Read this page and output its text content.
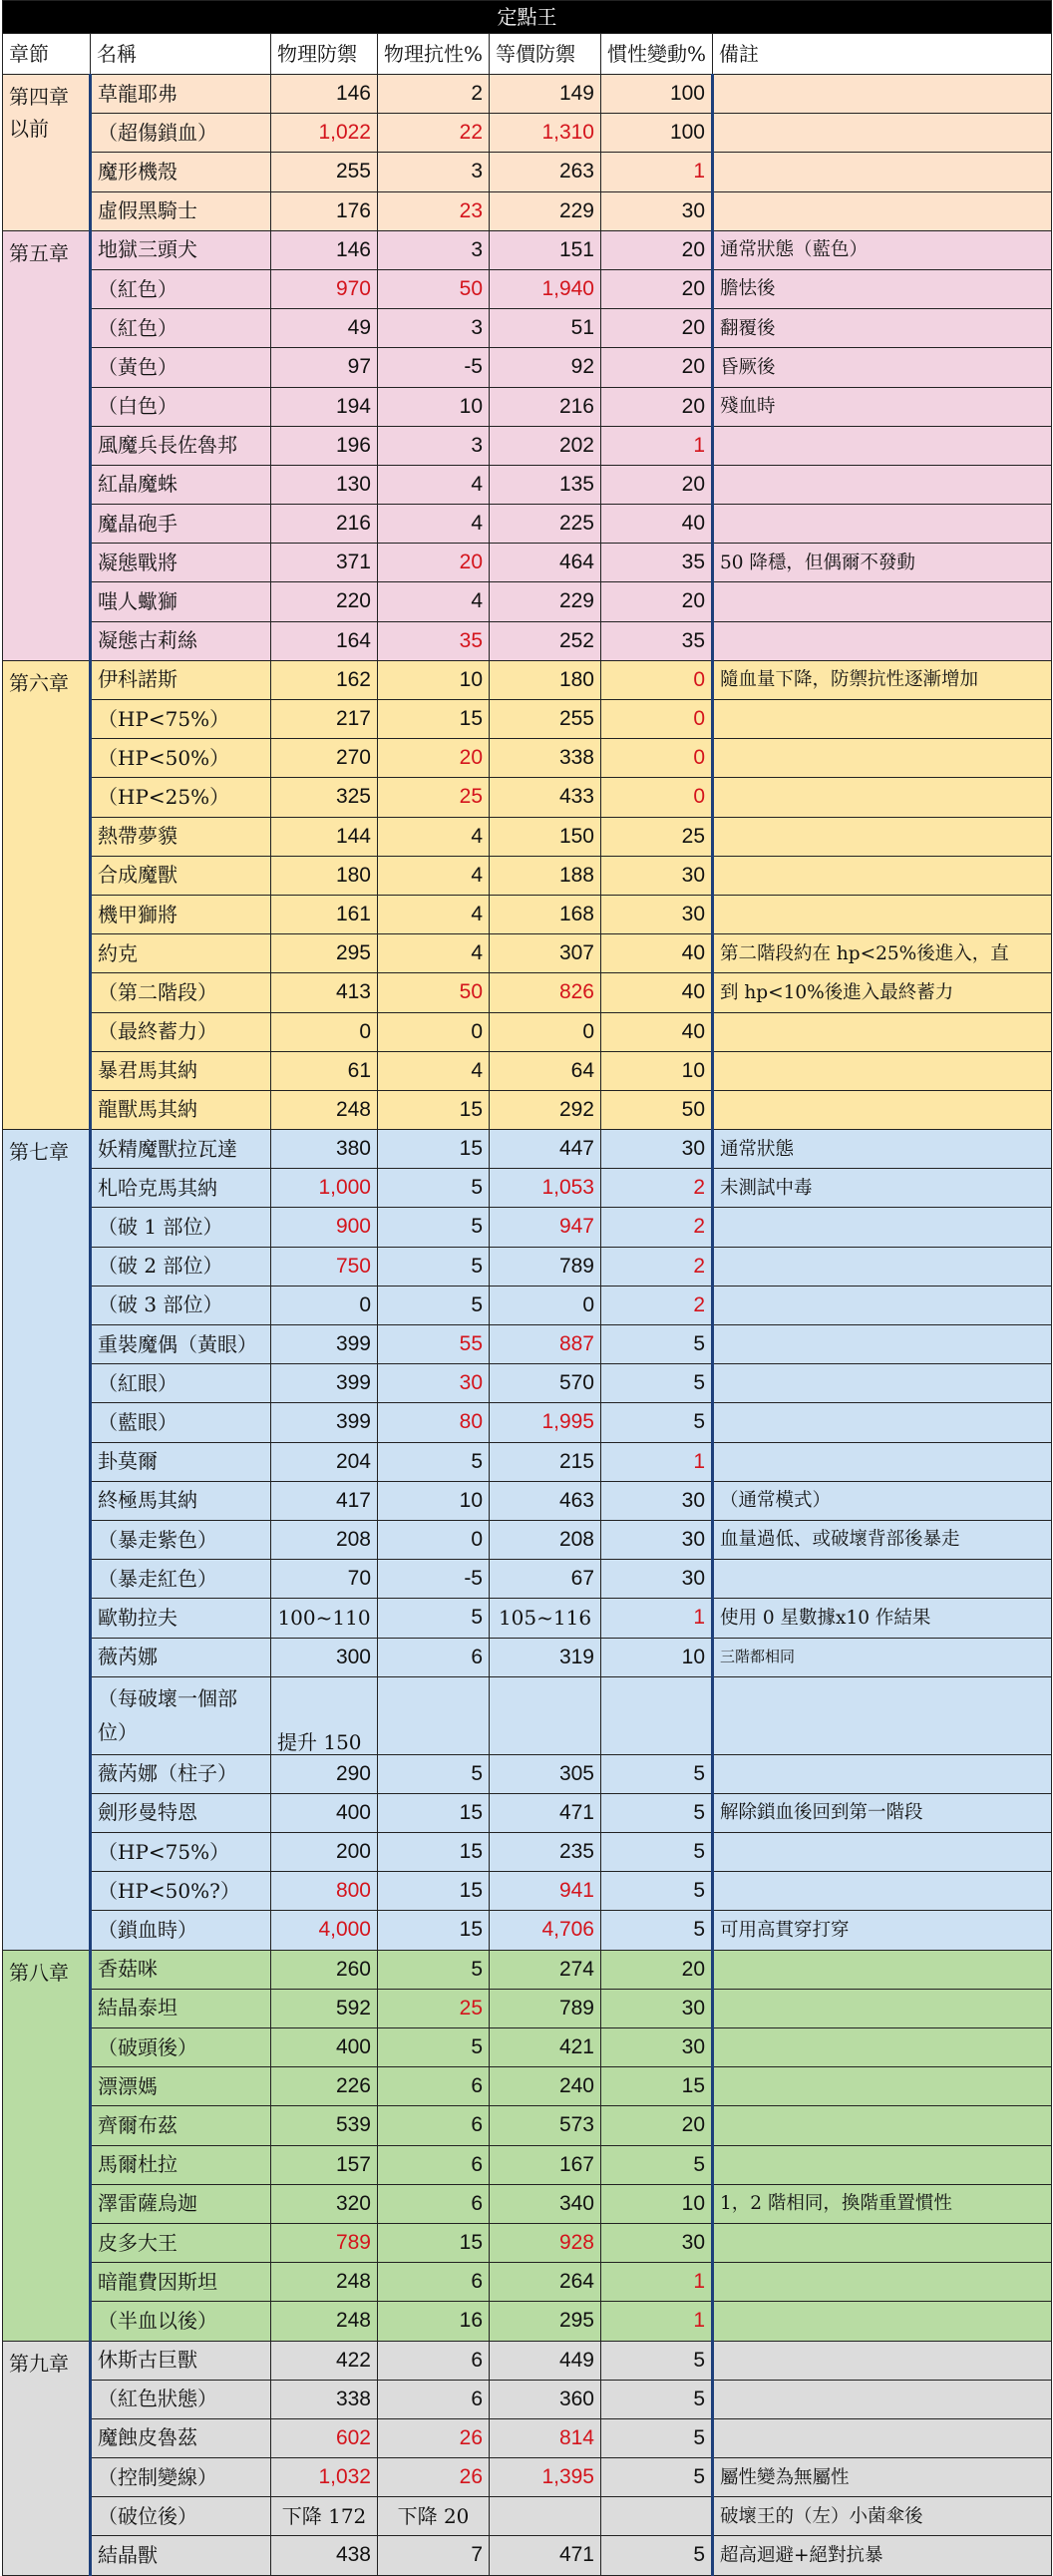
定點王						
章節	名稱	物理防禦	物理抗性%	等價防禦	慣性變動%	備註
第四章
以前	草龍耶弗	146	2	149	100	
	（超傷鎖血）	1,022	22	1,310	100	
	魔形機殼	255	3	263	1	
	虛假黑騎士	176	23	229	30	
第五章	地獄三頭犬	146	3	151	20	通常狀態（藍色）
	（紅色）	970	50	1,940	20	膽怯後
	（紅色）	49	3	51	20	翻覆後
	（黃色）	97	-5	92	20	昏厥後
	（白色）	194	10	216	20	殘血時
	風魔兵長佐魯邦	196	3	202	1	
	紅晶魔蛛	130	4	135	20	
	魔晶砲手	216	4	225	40	
	凝態戰將	371	20	464	35	50 降穩，但偶爾不發動
	嗤人蠍獅	220	4	229	20	
	凝態古莉絲	164	35	252	35	
第六章	伊科諾斯	162	10	180	0	隨血量下降，防禦抗性逐漸增加
	（HP<75%）	217	15	255	0	
	（HP<50%）	270	20	338	0	
	（HP<25%）	325	25	433	0	
	熱帶夢貘	144	4	150	25	
	合成魔獸	180	4	188	30	
	機甲獅將	161	4	168	30	
	約克	295	4	307	40	第二階段約在 hp<25%後進入，直
	（第二階段）	413	50	826	40	到 hp<10%後進入最終蓄力
	（最終蓄力）	0	0	0	40	
	暴君馬其納	61	4	64	10	
	龍獸馬其納	248	15	292	50	
第七章	妖精魔獸拉瓦達	380	15	447	30	通常狀態
	札哈克馬其納	1,000	5	1,053	2	未測試中毒
	（破 1 部位）	900	5	947	2	
	（破 2 部位）	750	5	789	2	
	（破 3 部位）	0	5	0	2	
	重裝魔偶（黃眼）	399	55	887	5	
	（紅眼）	399	30	570	5	
	（藍眼）	399	80	1,995	5	
	卦莫爾	204	5	215	1	
	終極馬其納	417	10	463	30	（通常模式）
	（暴走紫色）	208	0	208	30	血量過低、或破壞背部後暴走
	（暴走紅色）	70	-5	67	30	
	歐勒拉夫	100~110	5	105~116	1	使用 0 星數據x10 作結果
	薇芮娜	300	6	319	10	三階都相同
	（每破壞一個部位）	提升 150				
	薇芮娜（柱子）	290	5	305	5	
	劍形曼特恩	400	15	471	5	解除鎖血後回到第一階段
	（HP<75%）	200	15	235	5	
	（HP<50%?）	800	15	941	5	
	（鎖血時）	4,000	15	4,706	5	可用高貫穿打穿
第八章	香菇咪	260	5	274	20	
	結晶泰坦	592	25	789	30	
	（破頭後）	400	5	421	30	
	漂漂媽	226	6	240	15	
	齊爾布茲	539	6	573	20	
	馬爾杜拉	157	6	167	5	
	澤雷薩烏迦	320	6	340	10	1，2 階相同，換階重置慣性
	皮多大王	789	15	928	30	
	暗龍費因斯坦	248	6	264	1	
	（半血以後）	248	16	295	1	
第九章	休斯古巨獸	422	6	449	5	
	（紅色狀態）	338	6	360	5	
	魔蝕皮魯茲	602	26	814	5	
	（控制變線）	1,032	26	1,395	5	屬性變為無屬性
	（破位後）	下降 172	下降 20			破壞王的（左）小菌傘後
	結晶獸	438	7	471	5	超高迴避+絕對抗暴
